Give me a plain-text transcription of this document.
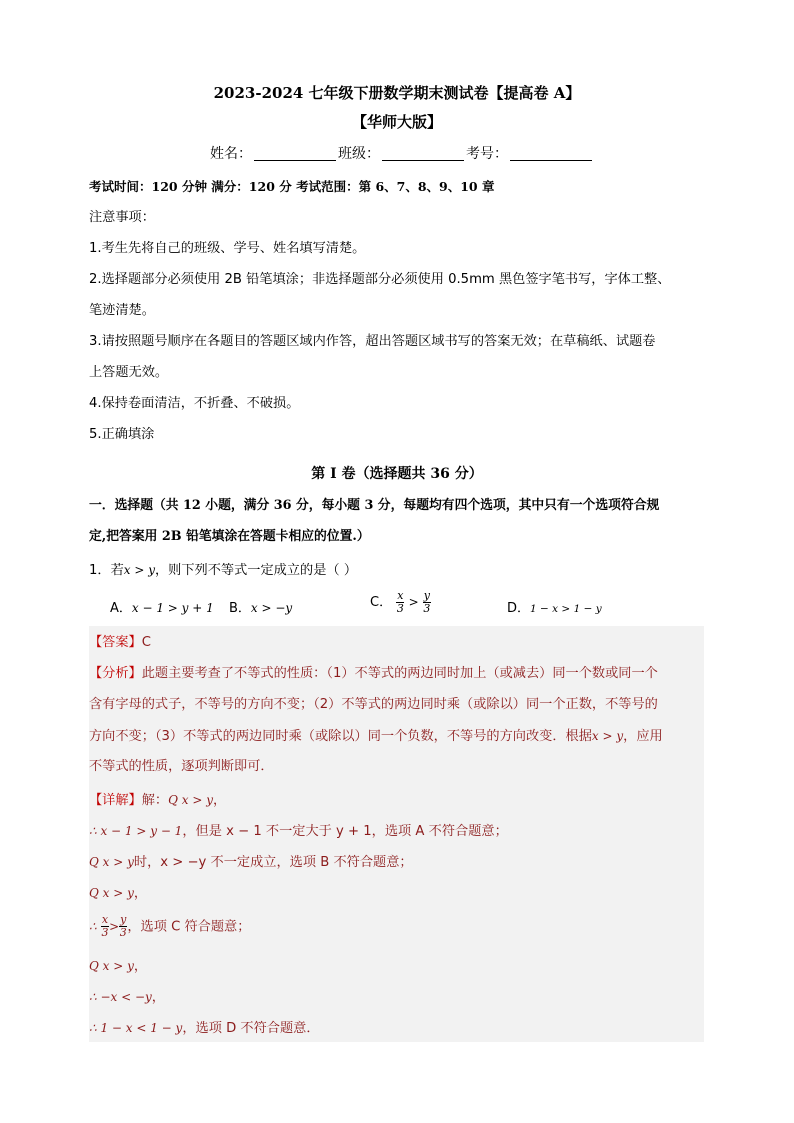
2023-2024 七年级下册数学期末测试卷【提高卷 A】
【华师大版】
姓名：	班级：	考号：
考试时间：120 分钟 满分：120 分 考试范围：第 6、7、8、9、10 章
注意事项：
1.考生先将自己的班级、学号、姓名填写清楚。
2.选择题部分必须使用 2B 铅笔填涂；非选择题部分必须使用 0.5mm 黑色签字笔书写，字体工整、
笔迹清楚。
3.请按照题号顺序在各题目的答题区域内作答，超出答题区域书写的答案无效；在草稿纸、试题卷
上答题无效。
4.保持卷面清洁，不折叠、不破损。
5.正确填涂
第 I 卷（选择题共 36 分）
一．选择题（共 12 小题，满分 36 分，每小题 3 分，每题均有四个选项，其中只有一个选项符合规
定,把答案用 2B 铅笔填涂在答题卡相应的位置.）
1．若x > y，则下列不等式一定成立的是（ ）
A．x − 1 > y + 1 B．x > −y	C． $\frac{x}{3} > \frac{y}{3}$	D．1 − x > 1 − y
【答案】C
【分析】此题主要考查了不等式的性质：（1）不等式的两边同时加上（或减去）同一个数或同一个
含有字母的式子，不等号的方向不变；（2）不等式的两边同时乘（或除以）同一个正数，不等号的
方向不变；（3）不等式的两边同时乘（或除以）同一个负数，不等号的方向改变．根据x > y，应用
不等式的性质，逐项判断即可．
【详解】解：Q x > y，
∴ x − 1 > y − 1，但是 x − 1 不一定大于 y + 1，选项 A 不符合题意；
Q x > y时，x > −y 不一定成立，选项 B 不符合题意；
Q x > y，
∴ $\frac{x}{3} > \frac{y}{3}$ ，选项 C 符合题意；
Q x > y，
∴ −x < −y，
∴ 1 − x < 1 − y，选项 D 不符合题意．
